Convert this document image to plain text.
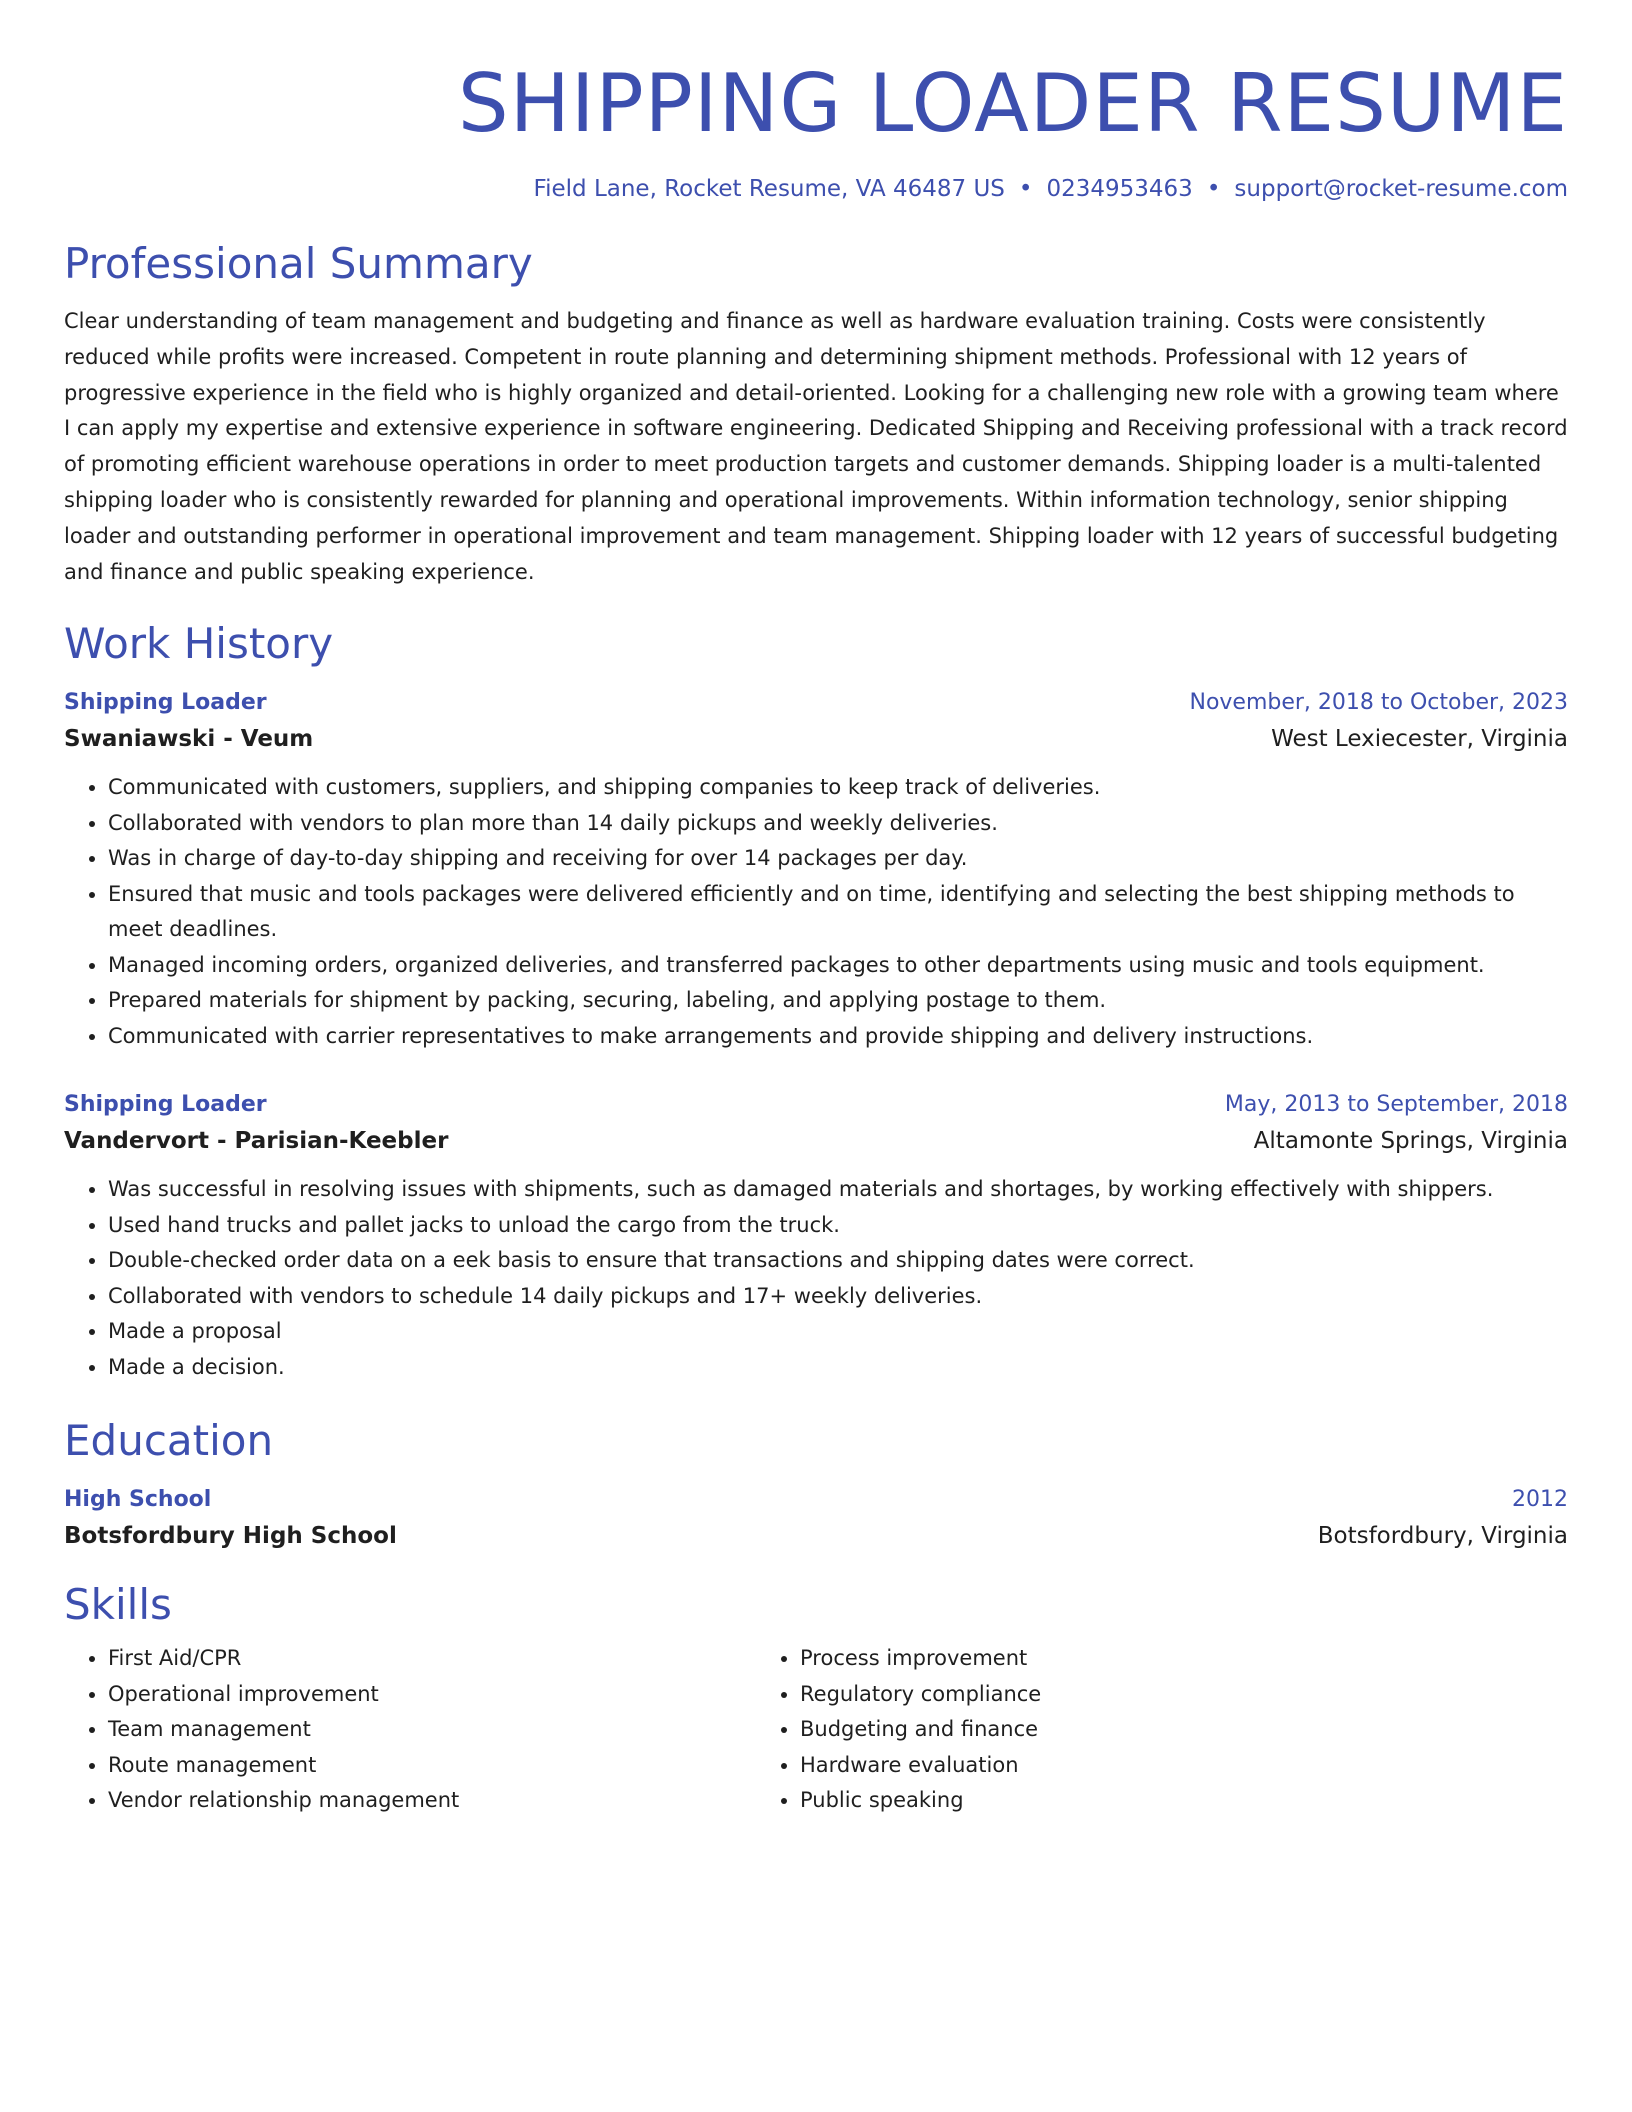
SHIPPING LOADER RESUME
Field Lane, Rocket Resume, VA 46487 US • 0234953463 • support@rocket-resume.com
Professional Summary
Clear understanding of team management and budgeting and finance as well as hardware evaluation training. Costs were consistently reduced while profits were increased. Competent in route planning and determining shipment methods. Professional with 12 years of progressive experience in the field who is highly organized and detail-oriented. Looking for a challenging new role with a growing team where I can apply my expertise and extensive experience in software engineering. Dedicated Shipping and Receiving professional with a track record of promoting efficient warehouse operations in order to meet production targets and customer demands. Shipping loader is a multi-talented shipping loader who is consistently rewarded for planning and operational improvements. Within information technology, senior shipping loader and outstanding performer in operational improvement and team management. Shipping loader with 12 years of successful budgeting and finance and public speaking experience.
Work History
Shipping Loader	November, 2018 to October, 2023
Swaniawski - Veum	West Lexiecester, Virginia
• Communicated with customers, suppliers, and shipping companies to keep track of deliveries.
• Collaborated with vendors to plan more than 14 daily pickups and weekly deliveries.
• Was in charge of day-to-day shipping and receiving for over 14 packages per day.
• Ensured that music and tools packages were delivered efficiently and on time, identifying and selecting the best shipping methods to meet deadlines.
• Managed incoming orders, organized deliveries, and transferred packages to other departments using music and tools equipment.
• Prepared materials for shipment by packing, securing, labeling, and applying postage to them.
• Communicated with carrier representatives to make arrangements and provide shipping and delivery instructions.
Shipping Loader	May, 2013 to September, 2018
Vandervort - Parisian-Keebler	Altamonte Springs, Virginia
• Was successful in resolving issues with shipments, such as damaged materials and shortages, by working effectively with shippers.
• Used hand trucks and pallet jacks to unload the cargo from the truck.
• Double-checked order data on a eek basis to ensure that transactions and shipping dates were correct.
• Collaborated with vendors to schedule 14 daily pickups and 17+ weekly deliveries.
• Made a proposal
• Made a decision.
Education
High School	2012
Botsfordbury High School	Botsfordbury, Virginia
Skills
• First Aid/CPR
• Operational improvement
• Team management
• Route management
• Vendor relationship management
• Process improvement
• Regulatory compliance
• Budgeting and finance
• Hardware evaluation
• Public speaking
